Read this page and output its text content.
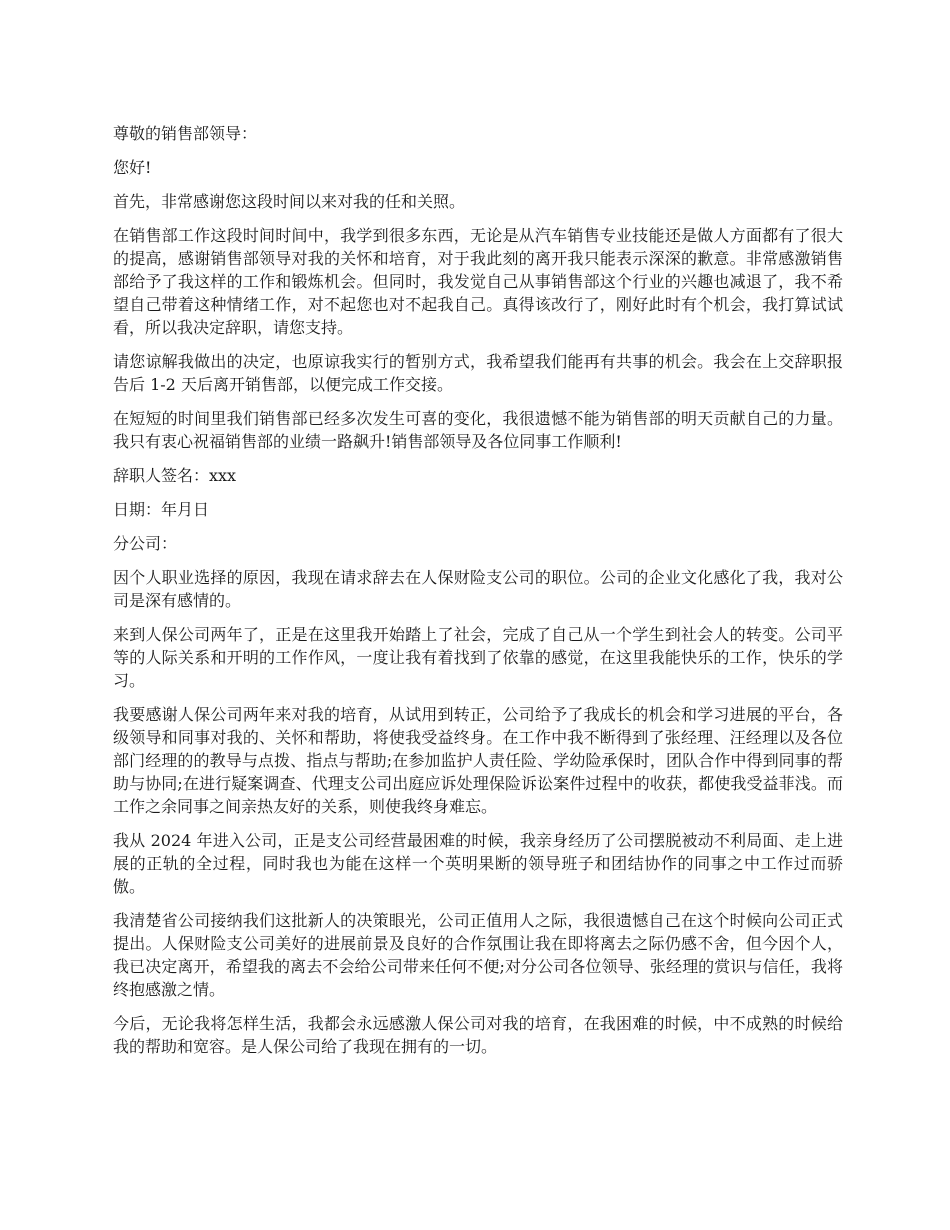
尊敬的销售部领导：

您好!

首先，非常感谢您这段时间以来对我的任和关照。

在销售部工作这段时间时间中，我学到很多东西，无论是从汽车销售专业技能还是做人方面都有了很大的提高，感谢销售部领导对我的关怀和培育，对于我此刻的离开我只能表示深深的歉意。非常感激销售部给予了我这样的工作和锻炼机会。但同时，我发觉自己从事销售部这个行业的兴趣也减退了，我不希望自己带着这种情绪工作，对不起您也对不起我自己。真得该改行了，刚好此时有个机会，我打算试试看，所以我决定辞职，请您支持。

请您谅解我做出的决定，也原谅我实行的暂别方式，我希望我们能再有共事的机会。我会在上交辞职报告后 1-2 天后离开销售部，以便完成工作交接。

在短短的时间里我们销售部已经多次发生可喜的变化，我很遗憾不能为销售部的明天贡献自己的力量。我只有衷心祝福销售部的业绩一路飙升!销售部领导及各位同事工作顺利!

辞职人签名：xxx

日期：年月日

分公司：

因个人职业选择的原因，我现在请求辞去在人保财险支公司的职位。公司的企业文化感化了我，我对公司是深有感情的。

来到人保公司两年了，正是在这里我开始踏上了社会，完成了自己从一个学生到社会人的转变。公司平等的人际关系和开明的工作作风，一度让我有着找到了依靠的感觉，在这里我能快乐的工作，快乐的学习。

我要感谢人保公司两年来对我的培育，从试用到转正，公司给予了我成长的机会和学习进展的平台，各级领导和同事对我的、关怀和帮助，将使我受益终身。在工作中我不断得到了张经理、汪经理以及各位部门经理的的教导与点拨、指点与帮助;在参加监护人责任险、学幼险承保时，团队合作中得到同事的帮助与协同;在进行疑案调查、代理支公司出庭应诉处理保险诉讼案件过程中的收获，都使我受益菲浅。而工作之余同事之间亲热友好的关系，则使我终身难忘。

我从 2024 年进入公司，正是支公司经营最困难的时候，我亲身经历了公司摆脱被动不利局面、走上进展的正轨的全过程，同时我也为能在这样一个英明果断的领导班子和团结协作的同事之中工作过而骄傲。

我清楚省公司接纳我们这批新人的决策眼光，公司正值用人之际，我很遗憾自己在这个时候向公司正式提出。人保财险支公司美好的进展前景及良好的合作氛围让我在即将离去之际仍感不舍，但今因个人，我已决定离开，希望我的离去不会给公司带来任何不便;对分公司各位领导、张经理的赏识与信任，我将终抱感激之情。

今后，无论我将怎样生活，我都会永远感激人保公司对我的培育，在我困难的时候，中不成熟的时候给我的帮助和宽容。是人保公司给了我现在拥有的一切。
